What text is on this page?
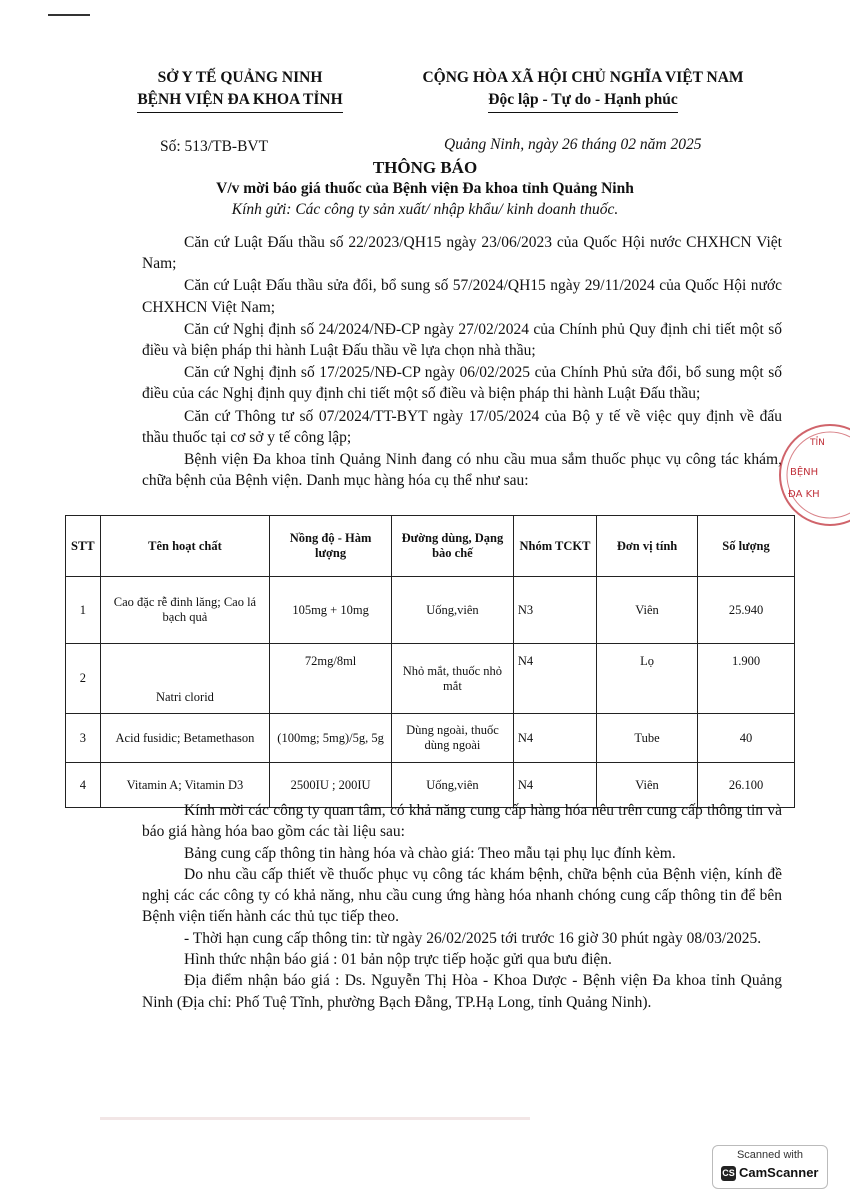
SỞ Y TẾ QUẢNG NINH
BỆNH VIỆN ĐA KHOA TỈNH
CỘNG HÒA XÃ HỘI CHỦ NGHĨA VIỆT NAM
Độc lập - Tự do - Hạnh phúc
Số: 513/TB-BVT	Quảng Ninh, ngày 26 tháng 02 năm 2025
THÔNG BÁO
V/v mời báo giá thuốc của Bệnh viện Đa khoa tỉnh Quảng Ninh
Kính gửi: Các công ty sản xuất/ nhập khẩu/ kinh doanh thuốc.

Căn cứ Luật Đấu thầu số 22/2023/QH15 ngày 23/06/2023 của Quốc Hội nước CHXHCN Việt Nam;

Căn cứ Luật Đấu thầu sửa đổi, bổ sung số 57/2024/QH15 ngày 29/11/2024 của Quốc Hội nước CHXHCN Việt Nam;

Căn cứ Nghị định số 24/2024/NĐ-CP ngày 27/02/2024 của Chính phủ Quy định chi tiết một số điều và biện pháp thi hành Luật Đấu thầu về lựa chọn nhà thầu;

Căn cứ Nghị định số 17/2025/NĐ-CP ngày 06/02/2025 của Chính Phủ sửa đổi, bổ sung một số điều của các Nghị định quy định chi tiết một số điều và biện pháp thi hành Luật Đấu thầu;

Căn cứ Thông tư số 07/2024/TT-BYT ngày 17/05/2024 của Bộ y tế về việc quy định về đấu thầu thuốc tại cơ sở y tế công lập;

Bệnh viện Đa khoa tỉnh Quảng Ninh đang có nhu cầu mua sắm thuốc phục vụ công tác khám, chữa bệnh của Bệnh viện. Danh mục hàng hóa cụ thể như sau:

TỈN
BỆNH
ĐA KH
STT	Tên hoạt chất	Nồng độ - Hàm lượng	Đường dùng, Dạng bào chế	Nhóm TCKT	Đơn vị tính	Số lượng
1	Cao đặc rễ đinh lăng; Cao lá bạch quả	105mg + 10mg	Uống,viên	N3	Viên	25.940
2	Natri clorid	72mg/8ml	Nhỏ mắt, thuốc nhỏ mắt	N4	Lọ	1.900
3	Acid fusidic; Betamethason	(100mg; 5mg)/5g, 5g	Dùng ngoài, thuốc dùng ngoài	N4	Tube	40
4	Vitamin A; Vitamin D3	2500IU ; 200IU	Uống,viên	N4	Viên	26.100

Kính mời các công ty quan tâm, có khả năng cung cấp hàng hóa nêu trên cung cấp thông tin và báo giá hàng hóa bao gồm các tài liệu sau:

Bảng cung cấp thông tin hàng hóa và chào giá: Theo mẫu tại phụ lục đính kèm.

Do nhu cầu cấp thiết về thuốc phục vụ công tác khám bệnh, chữa bệnh của Bệnh viện, kính đề nghị các các công ty có khả năng, nhu cầu cung ứng hàng hóa nhanh chóng cung cấp thông tin để bên Bệnh viện tiến hành các thủ tục tiếp theo.

- Thời hạn cung cấp thông tin: từ ngày 26/02/2025 tới trước 16 giờ 30 phút ngày 08/03/2025.

Hình thức nhận báo giá : 01 bản nộp trực tiếp hoặc gửi qua bưu điện.

Địa điểm nhận báo giá : Ds. Nguyễn Thị Hòa - Khoa Dược - Bệnh viện Đa khoa tỉnh Quảng Ninh (Địa chỉ: Phố Tuệ Tĩnh, phường Bạch Đằng, TP.Hạ Long, tỉnh Quảng Ninh).

Scanned with
CS CamScanner
